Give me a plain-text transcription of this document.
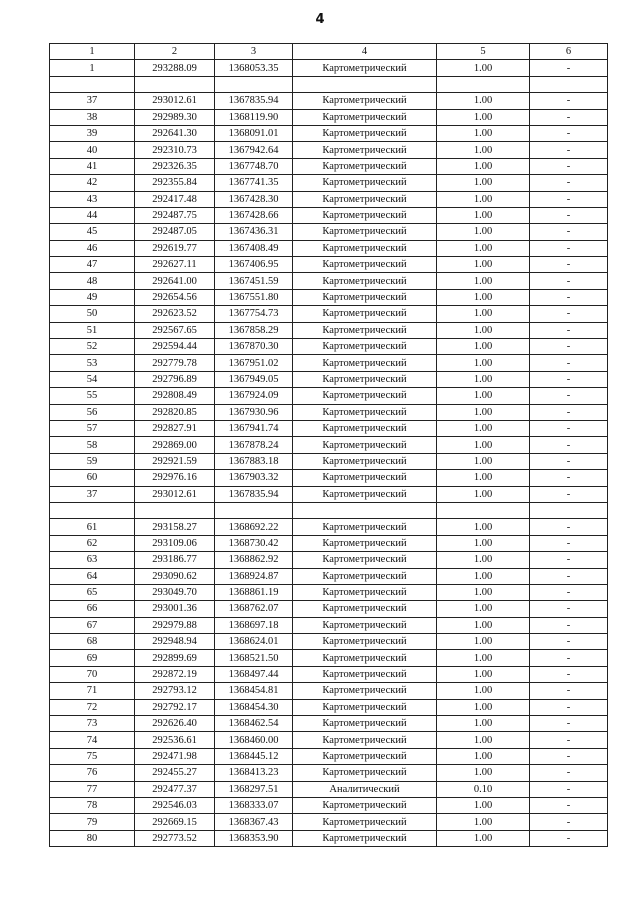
4
1	2	3	4	5	6
1	293288.09	1368053.35	Картометрический	1.00	-

37	293012.61	1367835.94	Картометрический	1.00	-
38	292989.30	1368119.90	Картометрический	1.00	-
39	292641.30	1368091.01	Картометрический	1.00	-
40	292310.73	1367942.64	Картометрический	1.00	-
41	292326.35	1367748.70	Картометрический	1.00	-
42	292355.84	1367741.35	Картометрический	1.00	-
43	292417.48	1367428.30	Картометрический	1.00	-
44	292487.75	1367428.66	Картометрический	1.00	-
45	292487.05	1367436.31	Картометрический	1.00	-
46	292619.77	1367408.49	Картометрический	1.00	-
47	292627.11	1367406.95	Картометрический	1.00	-
48	292641.00	1367451.59	Картометрический	1.00	-
49	292654.56	1367551.80	Картометрический	1.00	-
50	292623.52	1367754.73	Картометрический	1.00	-
51	292567.65	1367858.29	Картометрический	1.00	-
52	292594.44	1367870.30	Картометрический	1.00	-
53	292779.78	1367951.02	Картометрический	1.00	-
54	292796.89	1367949.05	Картометрический	1.00	-
55	292808.49	1367924.09	Картометрический	1.00	-
56	292820.85	1367930.96	Картометрический	1.00	-
57	292827.91	1367941.74	Картометрический	1.00	-
58	292869.00	1367878.24	Картометрический	1.00	-
59	292921.59	1367883.18	Картометрический	1.00	-
60	292976.16	1367903.32	Картометрический	1.00	-
37	293012.61	1367835.94	Картометрический	1.00	-

61	293158.27	1368692.22	Картометрический	1.00	-
62	293109.06	1368730.42	Картометрический	1.00	-
63	293186.77	1368862.92	Картометрический	1.00	-
64	293090.62	1368924.87	Картометрический	1.00	-
65	293049.70	1368861.19	Картометрический	1.00	-
66	293001.36	1368762.07	Картометрический	1.00	-
67	292979.88	1368697.18	Картометрический	1.00	-
68	292948.94	1368624.01	Картометрический	1.00	-
69	292899.69	1368521.50	Картометрический	1.00	-
70	292872.19	1368497.44	Картометрический	1.00	-
71	292793.12	1368454.81	Картометрический	1.00	-
72	292792.17	1368454.30	Картометрический	1.00	-
73	292626.40	1368462.54	Картометрический	1.00	-
74	292536.61	1368460.00	Картометрический	1.00	-
75	292471.98	1368445.12	Картометрический	1.00	-
76	292455.27	1368413.23	Картометрический	1.00	-
77	292477.37	1368297.51	Аналитический	0.10	-
78	292546.03	1368333.07	Картометрический	1.00	-
79	292669.15	1368367.43	Картометрический	1.00	-
80	292773.52	1368353.90	Картометрический	1.00	-
